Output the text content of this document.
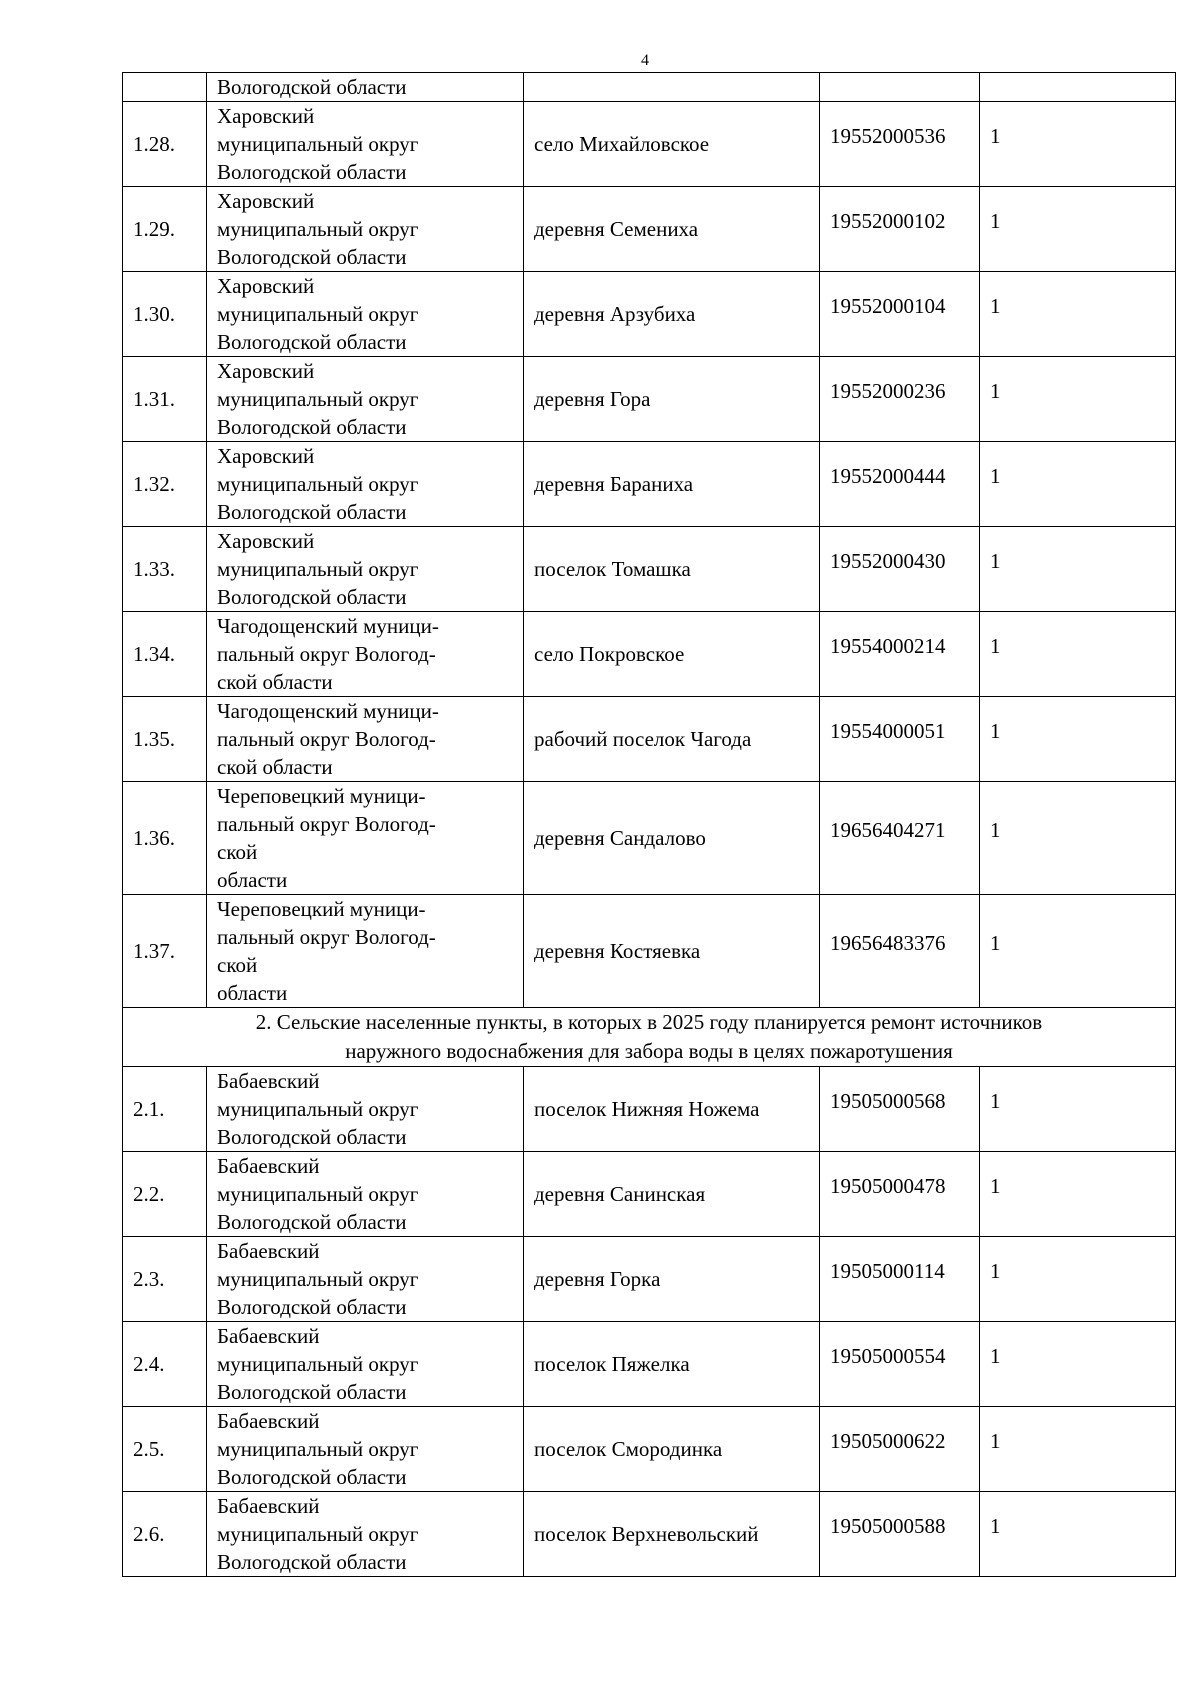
4
	Вологодской области			
1.28.	Харовский
муниципальный округ
Вологодской области	село Михайловское	19552000536	1
1.29.	Харовский
муниципальный округ
Вологодской области	деревня Семениха	19552000102	1
1.30.	Харовский
муниципальный округ
Вологодской области	деревня Арзубиха	19552000104	1
1.31.	Харовский
муниципальный округ
Вологодской области	деревня Гора	19552000236	1
1.32.	Харовский
муниципальный округ
Вологодской области	деревня Бараниха	19552000444	1
1.33.	Харовский
муниципальный округ
Вологодской области	поселок Томашка	19552000430	1
1.34.	Чагодощенский муници-
пальный округ Вологод-
ской области	село Покровское	19554000214	1
1.35.	Чагодощенский муници-
пальный округ Вологод-
ской области	рабочий поселок Чагода	19554000051	1
1.36.	Череповецкий муници-
пальный округ Вологод-
ской
области	деревня Сандалово	19656404271	1
1.37.	Череповецкий муници-
пальный округ Вологод-
ской
области	деревня Костяевка	19656483376	1

2. Сельские населенные пункты, в которых в 2025 году планируется ремонт источников
наружного водоснабжения для забора воды в целях пожаротушения				

2.1.	Бабаевский
муниципальный округ
Вологодской области	поселок Нижняя Ножема	19505000568	1
2.2.	Бабаевский
муниципальный округ
Вологодской области	деревня Санинская	19505000478	1
2.3.	Бабаевский
муниципальный округ
Вологодской области	деревня Горка	19505000114	1
2.4.	Бабаевский
муниципальный округ
Вологодской области	поселок Пяжелка	19505000554	1
2.5.	Бабаевский
муниципальный округ
Вологодской области	поселок Смородинка	19505000622	1
2.6.	Бабаевский
муниципальный округ
Вологодской области	поселок Верхневольский	19505000588	1
